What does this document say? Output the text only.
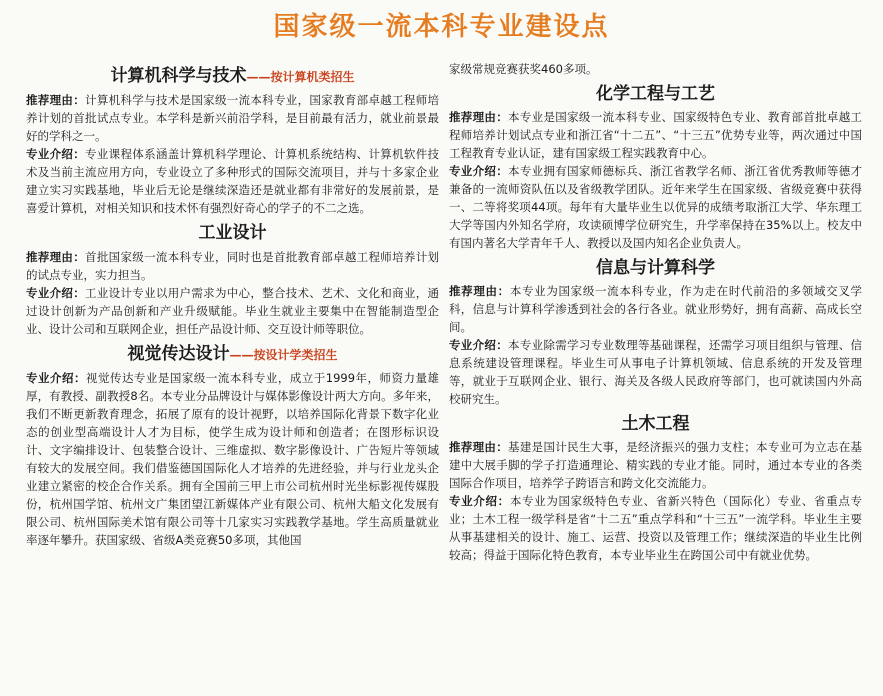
国家级一流本科专业建设点
计算机科学与技术——按计算机类招生

推荐理由：计算机科学与技术是国家级一流本科专业，国家教育部卓越工程师培养计划的首批试点专业。本学科是新兴前沿学科，是目前最有活力，就业前景最好的学科之一。

专业介绍：专业课程体系涵盖计算机科学理论、计算机系统结构、计算机软件技术及当前主流应用方向，专业设立了多种形式的国际交流项目，并与十多家企业建立实习实践基地，毕业后无论是继续深造还是就业都有非常好的发展前景，是喜爱计算机，对相关知识和技术怀有强烈好奇心的学子的不二之选。

工业设计

推荐理由：首批国家级一流本科专业，同时也是首批教育部卓越工程师培养计划的试点专业，实力担当。

专业介绍：工业设计专业以用户需求为中心，整合技术、艺术、文化和商业，通过设计创新为产品创新和产业升级赋能。毕业生就业主要集中在智能制造型企业、设计公司和互联网企业，担任产品设计师、交互设计师等职位。

视觉传达设计——按设计学类招生

专业介绍：视觉传达专业是国家级一流本科专业，成立于1999年，师资力量雄厚，有教授、副教授8名。本专业分品牌设计与媒体影像设计两大方向。多年来，我们不断更新教育理念，拓展了原有的设计视野，以培养国际化背景下数字化业态的创业型高端设计人才为目标，使学生成为设计师和创造者；在图形标识设计、文字编排设计、包装整合设计、三维虚拟、数字影像设计、广告短片等领域有较大的发展空间。我们借鉴德国国际化人才培养的先进经验，并与行业龙头企业建立紧密的校企合作关系。拥有全国前三甲上市公司杭州时光坐标影视传媒股份，杭州国学馆、杭州文广集团望江新媒体产业有限公司、杭州大船文化发展有限公司、杭州国际美术馆有限公司等十几家实习实践教学基地。学生高质量就业率逐年攀升。获国家级、省级A类竞赛50多项，其他国

家级常规竞赛获奖460多项。

化学工程与工艺

推荐理由：本专业是国家级一流本科专业、国家级特色专业、教育部首批卓越工程师培养计划试点专业和浙江省“十二五”、“十三五”优势专业等，两次通过中国工程教育专业认证，建有国家级工程实践教育中心。

专业介绍：本专业拥有国家师德标兵、浙江省教学名师、浙江省优秀教师等德才兼备的一流师资队伍以及省级教学团队。近年来学生在国家级、省级竞赛中获得一、二等将奖项44项。每年有大量毕业生以优异的成绩考取浙江大学、华东理工大学等国内外知名学府，攻读硕博学位研究生，升学率保持在35%以上。校友中有国内著名大学青年千人、教授以及国内知名企业负责人。

信息与计算科学

推荐理由：本专业为国家级一流本科专业，作为走在时代前沿的多领域交叉学科，信息与计算科学渗透到社会的各行各业。就业形势好，拥有高薪、高成长空间。

专业介绍：本专业除需学习专业数理等基础课程，还需学习项目组织与管理、信息系统建设管理课程。毕业生可从事电子计算机领域、信息系统的开发及管理等，就业于互联网企业、银行、海关及各级人民政府等部门，也可就读国内外高校研究生。

土木工程

推荐理由：基建是国计民生大事，是经济振兴的强力支柱；本专业可为立志在基建中大展手脚的学子打造通理论、精实践的专业才能。同时，通过本专业的各类国际合作项目，培养学子跨语言和跨文化交流能力。

专业介绍：本专业为国家级特色专业、省新兴特色（国际化）专业、省重点专业；土木工程一级学科是省“十二五”重点学科和“十三五”一流学科。毕业生主要从事基建相关的设计、施工、运营、投资以及管理工作；继续深造的毕业生比例较高；得益于国际化特色教育，本专业毕业生在跨国公司中有就业优势。
